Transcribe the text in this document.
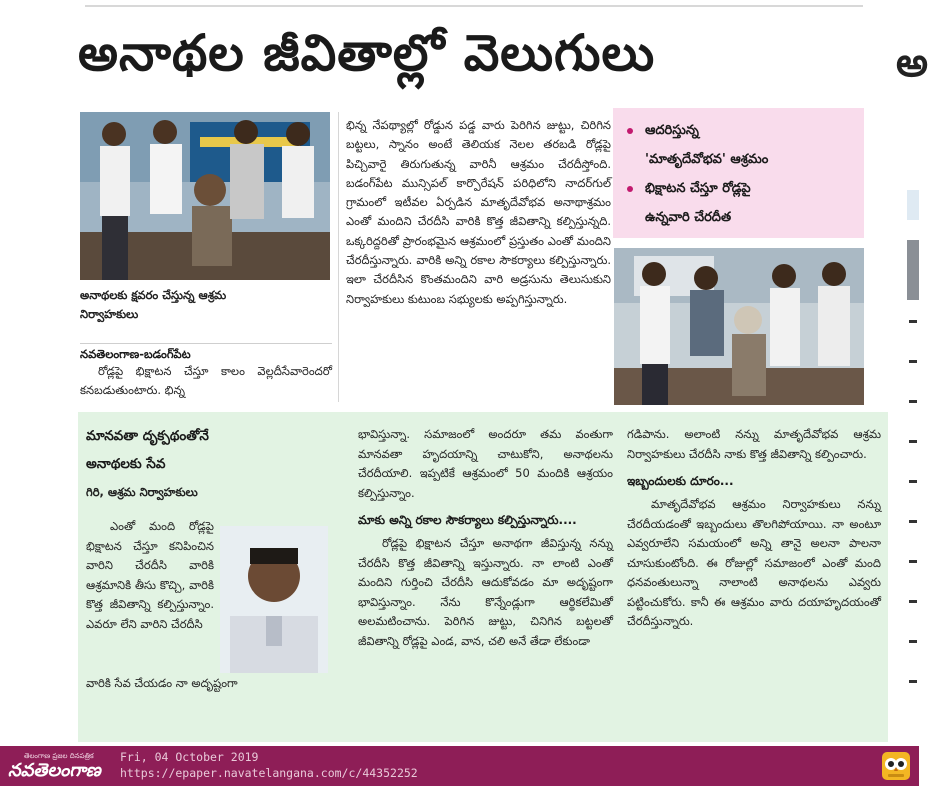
అనాథల జీవితాల్లో వెలుగులు	అ
అనాథలకు క్షవరం చేస్తున్న ఆశ్రమ నిర్వాహకులు
నవతెలంగాణ-బడంగ్‌పేట
రోడ్లపై భిక్షాటన చేస్తూ కాలం వెల్లదీసేవారెందరో కనబడుతుంటారు. భిన్న
భిన్న నేపథ్యాల్లో రోడ్డున పడ్డ వారు పెరిగిన జుట్టు, చిరిగిన బట్టలు, స్నానం అంటే తెలియక నెలల తరబడి రోడ్లపై పిచ్చివారై తిరుగుతున్న వారినీ ఆశ్రమం చేరదీస్తోంది. బడంగ్‌పేట మున్సిపల్ కార్పొరేషన్ పరిధిలోని నాదర్‌గుల్ గ్రామంలో ఇటీవల ఏర్పడిన మాతృదేవోభవ అనాథాశ్రమం ఎంతో మందిని చేరదీసి వారికి కొత్త జీవితాన్ని కల్పిస్తున్నది. ఒక్కరిద్దరితో ప్రారంభమైన ఆశ్రమంలో ప్రస్తుతం ఎంతో మందిని చేరదీస్తున్నారు. వారికి అన్ని రకాల సౌకర్యాలు కల్పిస్తున్నారు. ఇలా చేరదీసిన కొంతమందిని వారి అడ్రసును తెలుసుకుని నిర్వాహకులు కుటుంబ సభ్యులకు అప్పగిస్తున్నారు.
ఆదరిస్తున్న
'మాతృదేవోభవ' ఆశ్రమం
భిక్షాటన చేస్తూ రోడ్లపై
ఉన్నవారి చేరదీత
మానవతా దృక్పథంతోనే
అనాథలకు సేవ
గిరి, ఆశ్రమ నిర్వాహకులు
ఎంతో మంది రోడ్లపై భిక్షాటన చేస్తూ కనిపించిన వారిని చేరదీసి వారికి ఆశ్రమానికి తీసు కొచ్చి, వారికి కొత్త జీవితాన్ని కల్పిస్తున్నాం. ఎవరూ లేని వారిని చేరదీసి
వారికి సేవ చేయడం నా అదృష్టంగా
భావిస్తున్నా. సమాజంలో అందరూ తమ వంతుగా మానవతా హృదయాన్ని చాటుకోని, అనాథలను చేరదీయాలి. ఇప్పటికే ఆశ్రమంలో 50 మందికి ఆశ్రయం కల్పిస్తున్నాం.
మాకు అన్ని రకాల సౌకర్యాలు కల్పిస్తున్నారు....
రోడ్లపై భిక్షాటన చేస్తూ అనాథగా జీవిస్తున్న నన్ను చేరదీసి కొత్త జీవితాన్ని ఇస్తున్నారు. నా లాంటి ఎంతో మందిని గుర్తించి చేరదీసి ఆదుకోవడం మా అదృష్టంగా భావిస్తున్నాం. నేను కొన్నేండ్లుగా ఆర్థికలేమితో అలమటించాను. పెరిగిన జుట్టు, చినిగిన బట్టలతో జీవితాన్ని రోడ్లపై ఎండ, వాన, చలి అనే తేడా లేకుండా
గడిపాను. అలాంటి నన్ను మాతృదేవోభవ ఆశ్రమ నిర్వాహకులు చేరదీసి నాకు కొత్త జీవితాన్ని కల్పించారు.
ఇబ్బందులకు దూరం...
మాతృదేవోభవ ఆశ్రమం నిర్వాహకులు నన్ను చేరదీయడంతో ఇబ్బందులు తొలగిపోయాయి. నా అంటూ ఎవ్వరూలేని సమయంలో అన్ని తానై అలనా పాలనా చూసుకుంటోంది. ఈ రోజుల్లో సమాజంలో ఎంతో మంది ధనవంతులున్నా నాలాంటి అనాథలను ఎవ్వరు పట్టించుకోరు. కానీ ఈ ఆశ్రమం వారు దయాహృదయంతో చేరదీస్తున్నారు.
తెలంగాణ ప్రజల దినపత్రిక
నవతెలంగాణ
Fri, 04 October 2019
https://epaper.navatelangana.com/c/44352252
